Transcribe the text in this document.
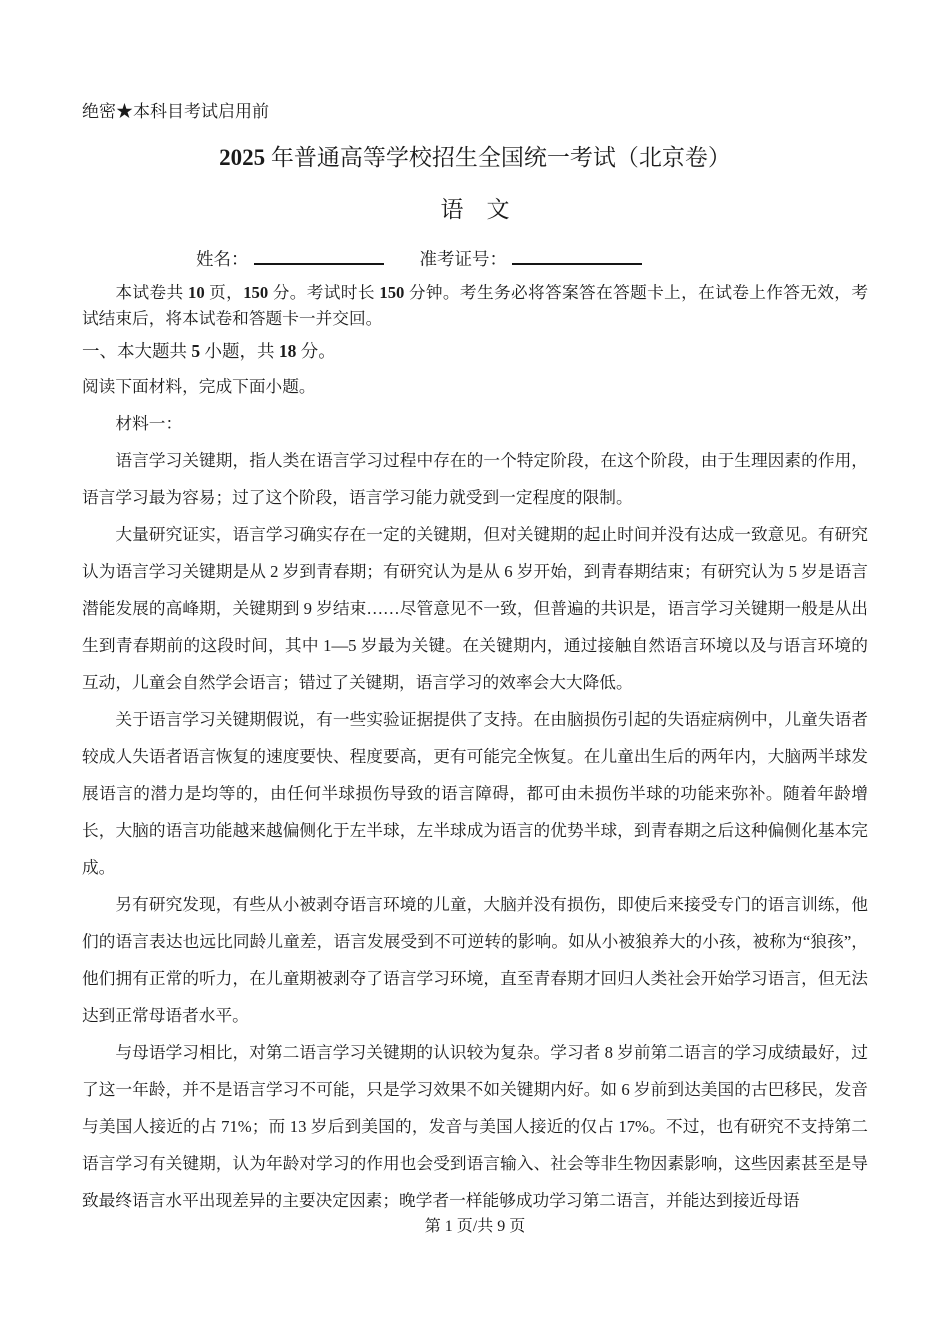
绝密★本科目考试启用前
2025 年普通高等学校招生全国统一考试（北京卷）
语　文
姓名：	准考证号：

本试卷共 10 页，150 分。考试时长 150 分钟。考生务必将答案答在答题卡上，在试卷上作答无效，考试结束后，将本试卷和答题卡一并交回。

一、本大题共 5 小题，共 18 分。

阅读下面材料，完成下面小题。

材料一：

语言学习关键期，指人类在语言学习过程中存在的一个特定阶段，在这个阶段，由于生理因素的作用，语言学习最为容易；过了这个阶段，语言学习能力就受到一定程度的限制。

大量研究证实，语言学习确实存在一定的关键期，但对关键期的起止时间并没有达成一致意见。有研究认为语言学习关键期是从 2 岁到青春期；有研究认为是从 6 岁开始，到青春期结束；有研究认为 5 岁是语言潜能发展的高峰期，关键期到 9 岁结束……尽管意见不一致，但普遍的共识是，语言学习关键期一般是从出生到青春期前的这段时间，其中 1—5 岁最为关键。在关键期内，通过接触自然语言环境以及与语言环境的互动，儿童会自然学会语言；错过了关键期，语言学习的效率会大大降低。

关于语言学习关键期假说，有一些实验证据提供了支持。在由脑损伤引起的失语症病例中，儿童失语者较成人失语者语言恢复的速度要快、程度要高，更有可能完全恢复。在儿童出生后的两年内，大脑两半球发展语言的潜力是均等的，由任何半球损伤导致的语言障碍，都可由未损伤半球的功能来弥补。随着年龄增长，大脑的语言功能越来越偏侧化于左半球，左半球成为语言的优势半球，到青春期之后这种偏侧化基本完成。

另有研究发现，有些从小被剥夺语言环境的儿童，大脑并没有损伤，即使后来接受专门的语言训练，他们的语言表达也远比同龄儿童差，语言发展受到不可逆转的影响。如从小被狼养大的小孩，被称为“狼孩”，他们拥有正常的听力，在儿童期被剥夺了语言学习环境，直至青春期才回归人类社会开始学习语言，但无法达到正常母语者水平。

与母语学习相比，对第二语言学习关键期的认识较为复杂。学习者 8 岁前第二语言的学习成绩最好，过了这一年龄，并不是语言学习不可能，只是学习效果不如关键期内好。如 6 岁前到达美国的古巴移民，发音与美国人接近的占 71%；而 13 岁后到美国的，发音与美国人接近的仅占 17%。不过，也有研究不支持第二语言学习有关键期，认为年龄对学习的作用也会受到语言输入、社会等非生物因素影响，这些因素甚至是导致最终语言水平出现差异的主要决定因素；晚学者一样能够成功学习第二语言，并能达到接近母语

第 1 页/共 9 页
